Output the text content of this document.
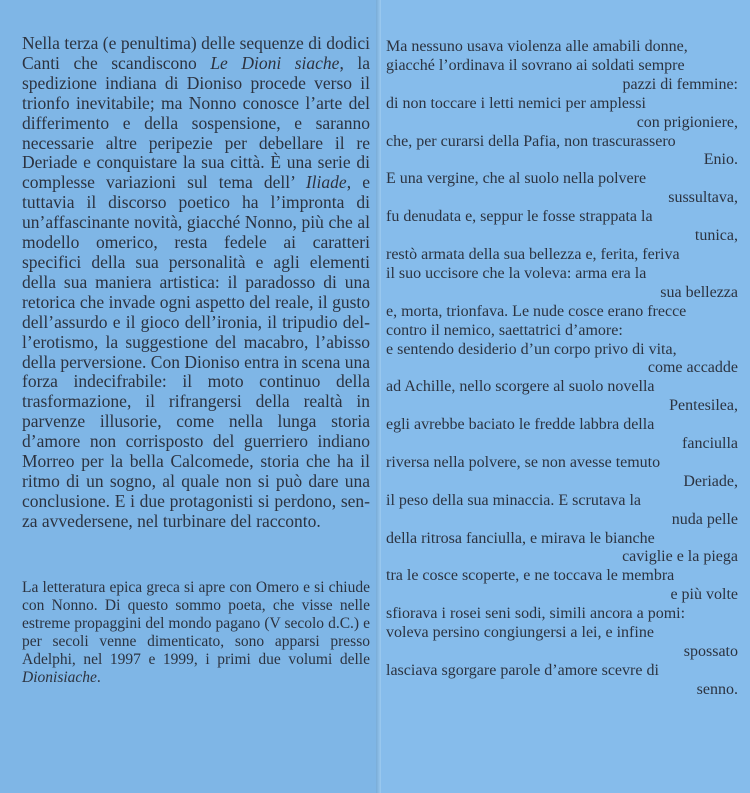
Nella terza (e penultima) delle sequenze di dodici Canti che scandiscono Le Dioni siache, la spedizione indiana di Dioniso procede verso il trionfo inevitabile; ma Nonno conosce l’arte del differimento e della sospensione, e saranno necessarie altre peripezie per debellare il re Deriade e conquistare la sua città. È una serie di complesse variazioni sul tema dell’ Iliade, e tuttavia il discorso poetico ha l’impronta di un’affascinante novità, giacché Nonno, più che al modello omerico, resta fedele ai caratteri specifici della sua personalità e agli elementi della sua maniera artistica: il paradosso di una retorica che invade ogni aspetto del reale, il gusto dell’assurdo e il gioco dell’ironia, il tripudio dell’erotismo, la suggestione del macabro, l’abisso della perversione. Con Dioniso entra in scena una forza indecifrabile: il moto continuo della trasformazione, il rifrangersi della realtà in parvenze illusorie, come nella lunga storia d’amore non corrisposto del guerriero indiano Morreo per la bella Calcomede, storia che ha il ritmo di un sogno, al quale non si può dare una conclusione. E i due protagonisti si perdono, senza avvedersene, nel turbinare del racconto.

La letteratura epica greca si apre con Omero e si chiude con Nonno. Di questo sommo poeta, che visse nelle estreme propaggini del mondo pagano (V secolo d.C.) e per secoli venne dimenticato, sono apparsi presso Adelphi, nel 1997 e 1999, i primi due volumi delle Dionisiache.

Ma nessuno usava violenza alle amabili donne,
giacché l’ordinava il sovrano ai soldati sempre
pazzi di femmine:
di non toccare i letti nemici per amplessi
con prigioniere,
che, per curarsi della Pafia, non trascurassero
Enio.
E una vergine, che al suolo nella polvere
sussultava,
fu denudata e, seppur le fosse strappata la
tunica,
restò armata della sua bellezza e, ferita, feriva
il suo uccisore che la voleva: arma era la
sua bellezza
e, morta, trionfava. Le nude cosce erano frecce
contro il nemico, saettatrici d’amore:
e sentendo desiderio d’un corpo privo di vita,
come accadde
ad Achille, nello scorgere al suolo novella
Pentesilea,
egli avrebbe baciato le fredde labbra della
fanciulla
riversa nella polvere, se non avesse temuto
Deriade,
il peso della sua minaccia. E scrutava la
nuda pelle
della ritrosa fanciulla, e mirava le bianche
caviglie e la piega
tra le cosce scoperte, e ne toccava le membra
e più volte
sfiorava i rosei seni sodi, simili ancora a pomi:
voleva persino congiungersi a lei, e infine
spossato
lasciava sgorgare parole d’amore scevre di
senno.
